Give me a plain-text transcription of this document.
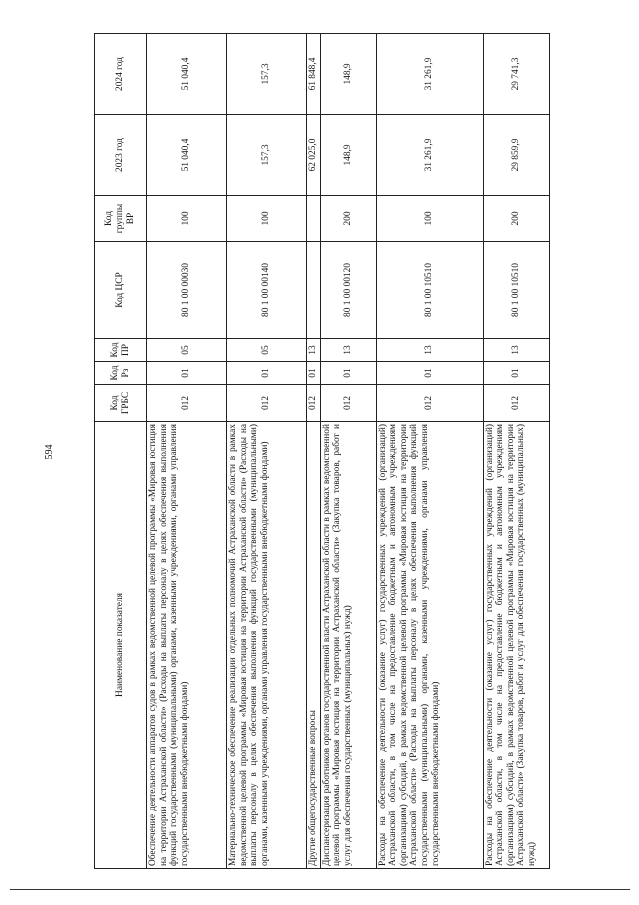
594
Наименование показателя	Код ГРБС	Код Рз	Код ПР	Код ЦСР	Код группы ВР	2023 год	2024 год
Обеспечение деятельности аппаратов судов в рамках ведомственной целевой программы «Мировая юстиция на территории Астраханской области» (Расходы на выплаты персоналу в целях обеспечения выполнения функций государственными (муниципальными) органами, казенными учреждениями, органами управления государственными внебюджетными фондами)	012	01	05	80 1 00 00030	100	51 040,4	51 040,4
Материально-техническое обеспечение реализации отдельных полномочий Астраханской области в рамках ведомственной целевой программы «Мировая юстиция на территории Астраханской области» (Расходы на выплаты персоналу в целях обеспечения выполнения функций государственными (муниципальными) органами, казенными учреждениями, органами управления государственными внебюджетными фондами)	012	01	05	80 1 00 00140	100	157,3	157,3
Другие общегосударственные вопросы	012	01	13			62 025,0	61 848,4
Диспансеризация работников органов государственной власти Астраханской области в рамках ведомственной целевой программы «Мировая юстиция на территории Астраханской области» (Закупка товаров, работ и услуг для обеспечения государственных (муниципальных) нужд)	012	01	13	80 1 00 00120	200	148,9	148,9
Расходы на обеспечение деятельности (оказание услуг) государственных учреждений (организаций) Астраханской области, в том числе на предоставление бюджетным и автономным учреждениям (организациям) субсидий, в рамках ведомственной целевой программы «Мировая юстиция на территории Астраханской области» (Расходы на выплаты персоналу в целях обеспечения выполнения функций государственными (муниципальными) органами, казенными учреждениями, органами управления государственными внебюджетными фондами)	012	01	13	80 1 00 10510	100	31 261,9	31 261,9
Расходы на обеспечение деятельности (оказание услуг) государственных учреждений (организаций) Астраханской области, в том числе на предоставление бюджетным и автономным учреждениям (организациям) субсидий, в рамках ведомственной целевой программы «Мировая юстиция на территории Астраханской области» (Закупка товаров, работ и услуг для обеспечения государственных (муниципальных) нужд)	012	01	13	80 1 00 10510	200	29 859,9	29 741,3
